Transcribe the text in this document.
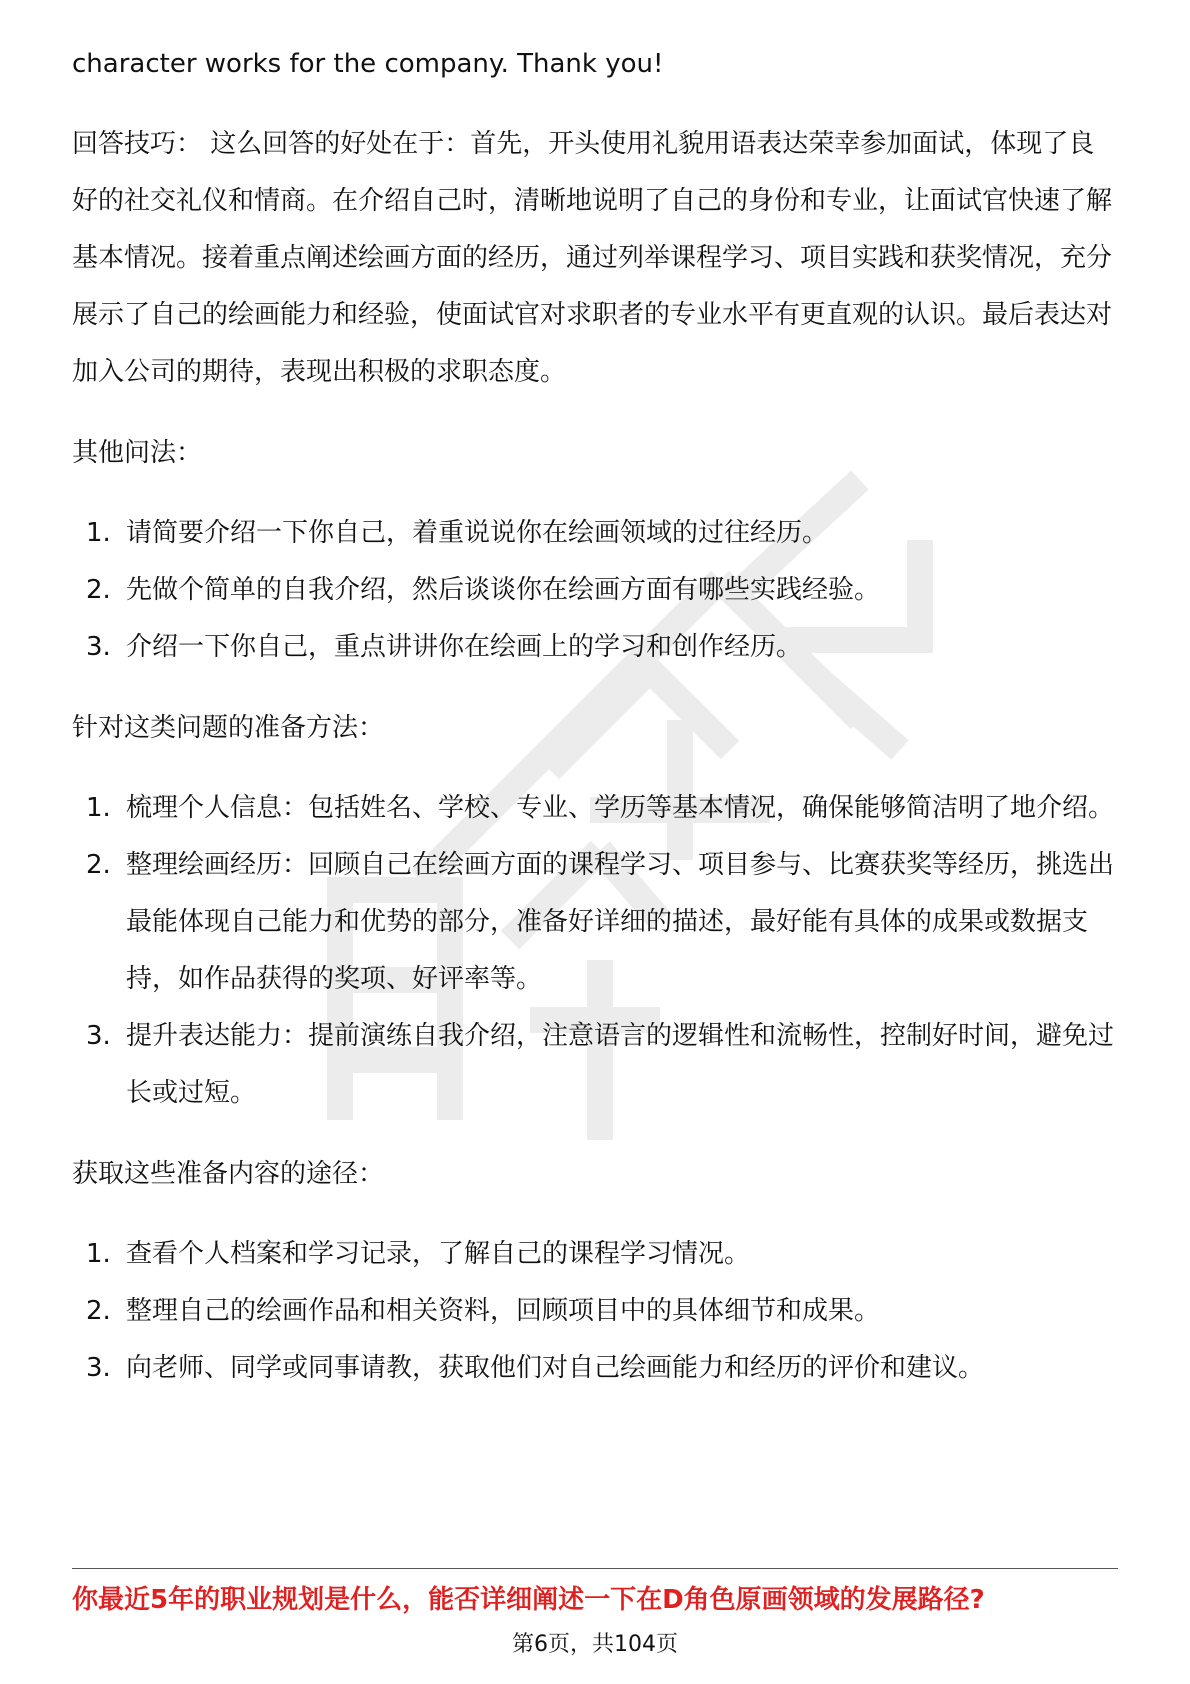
character works for the company. Thank you!

回答技巧： 这么回答的好处在于：首先，开头使用礼貌用语表达荣幸参加面试，体现了良好的社交礼仪和情商。在介绍自己时，清晰地说明了自己的身份和专业，让面试官快速了解基本情况。接着重点阐述绘画方面的经历，通过列举课程学习、项目实践和获奖情况，充分展示了自己的绘画能力和经验，使面试官对求职者的专业水平有更直观的认识。最后表达对加入公司的期待，表现出积极的求职态度。

其他问法：

1. 请简要介绍一下你自己，着重说说你在绘画领域的过往经历。
2. 先做个简单的自我介绍，然后谈谈你在绘画方面有哪些实践经验。
3. 介绍一下你自己，重点讲讲你在绘画上的学习和创作经历。

针对这类问题的准备方法：

1. 梳理个人信息：包括姓名、学校、专业、学历等基本情况，确保能够简洁明了地介绍。
2. 整理绘画经历：回顾自己在绘画方面的课程学习、项目参与、比赛获奖等经历，挑选出最能体现自己能力和优势的部分，准备好详细的描述，最好能有具体的成果或数据支持，如作品获得的奖项、好评率等。
3. 提升表达能力：提前演练自我介绍，注意语言的逻辑性和流畅性，控制好时间，避免过长或过短。

获取这些准备内容的途径：

1. 查看个人档案和学习记录，了解自己的课程学习情况。
2. 整理自己的绘画作品和相关资料，回顾项目中的具体细节和成果。
3. 向老师、同学或同事请教，获取他们对自己绘画能力和经历的评价和建议。

你最近5年的职业规划是什么，能否详细阐述一下在D角色原画领域的发展路径?

第6页，共104页
